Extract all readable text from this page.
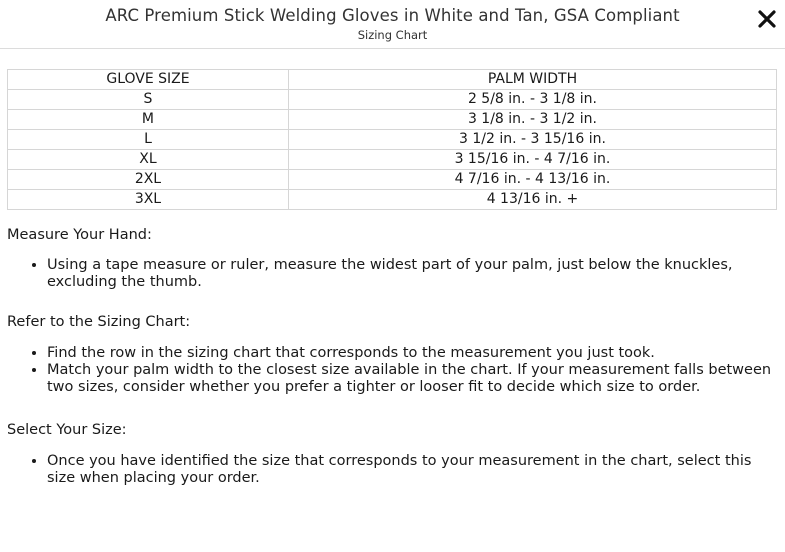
ARC Premium Stick Welding Gloves in White and Tan, GSA Compliant
Sizing Chart
GLOVE SIZE	PALM WIDTH
S	2 5/8 in. - 3 1/8 in.
M	3 1/8 in. - 3 1/2 in.
L	3 1/2 in. - 3 15/16 in.
XL	3 15/16 in. - 4 7/16 in.
2XL	4 7/16 in. - 4 13/16 in.
3XL	4 13/16 in. +
Measure Your Hand:
• Using a tape measure or ruler, measure the widest part of your palm, just below the knuckles, excluding the thumb.
Refer to the Sizing Chart:
• Find the row in the sizing chart that corresponds to the measurement you just took.
• Match your palm width to the closest size available in the chart. If your measurement falls between two sizes, consider whether you prefer a tighter or looser fit to decide which size to order.
Select Your Size:
• Once you have identified the size that corresponds to your measurement in the chart, select this size when placing your order.
